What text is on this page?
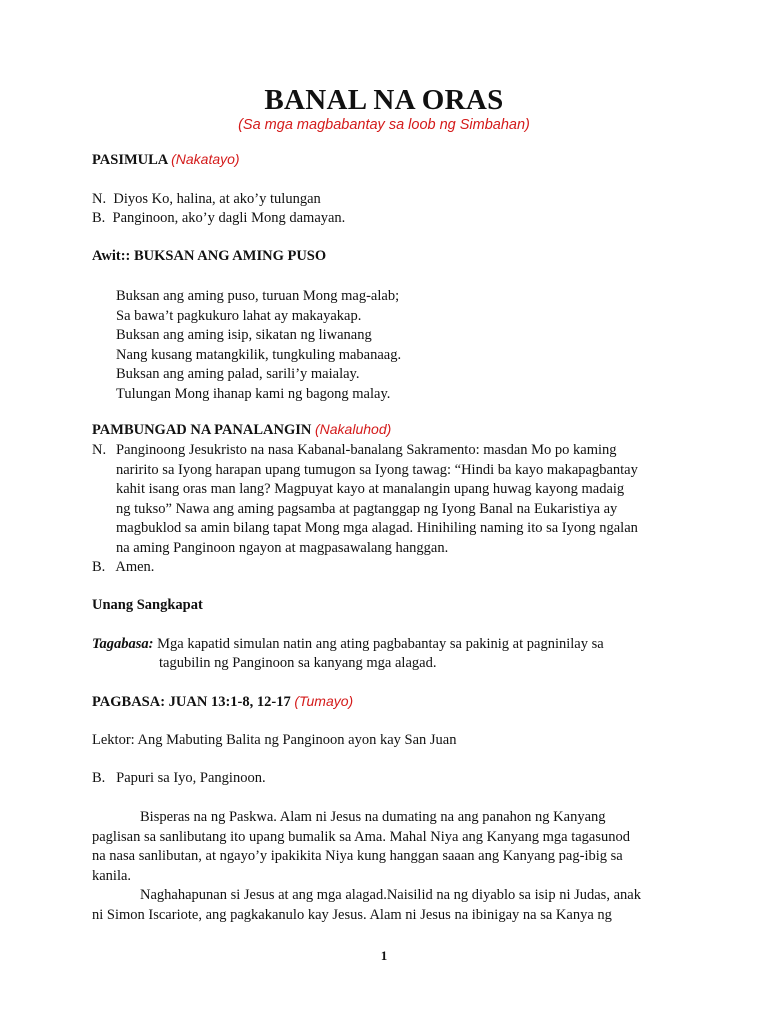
BANAL NA ORAS
(Sa mga magbabantay sa loob ng Simbahan)
PASIMULA (Nakatayo)
N. Diyos Ko, halina, at ako’y tulungan
B. Panginoon, ako’y dagli Mong damayan.
Awit:: BUKSAN ANG AMING PUSO
Buksan ang aming puso, turuan Mong mag-alab;
Sa bawa’t pagkukuro lahat ay makayakap.
Buksan ang aming isip, sikatan ng liwanang
Nang kusang matangkilik, tungkuling mabanaag.
Buksan ang aming palad, sarili’y maialay.
Tulungan Mong ihanap kami ng bagong malay.
PAMBUNGAD NA PANALANGIN (Nakaluhod)
N. Panginoong Jesukristo na nasa Kabanal-banalang Sakramento: masdan Mo po kaming
naririto sa Iyong harapan upang tumugon sa Iyong tawag: “Hindi ba kayo makapagbantay
kahit isang oras man lang? Magpuyat kayo at manalangin upang huwag kayong madaig
ng tukso” Nawa ang aming pagsamba at pagtanggap ng Iyong Banal na Eukaristiya ay
magbuklod sa amin bilang tapat Mong mga alagad. Hinihiling naming ito sa Iyong ngalan
na aming Panginoon ngayon at magpasawalang hanggan.
B. Amen.
Unang Sangkapat
Tagabasa: Mga kapatid simulan natin ang ating pagbabantay sa pakinig at pagninilay sa
tagubilin ng Panginoon sa kanyang mga alagad.
PAGBASA: JUAN 13:1-8, 12-17 (Tumayo)
Lektor: Ang Mabuting Balita ng Panginoon ayon kay San Juan
B. Papuri sa Iyo, Panginoon.
Bisperas na ng Paskwa. Alam ni Jesus na dumating na ang panahon ng Kanyang
paglisan sa sanlibutang ito upang bumalik sa Ama. Mahal Niya ang Kanyang mga tagasunod
na nasa sanlibutan, at ngayo’y ipakikita Niya kung hanggan saaan ang Kanyang pag-ibig sa
kanila.
Naghahapunan si Jesus at ang mga alagad.Naisilid na ng diyablo sa isip ni Judas, anak
ni Simon Iscariote, ang pagkakanulo kay Jesus. Alam ni Jesus na ibinigay na sa Kanya ng
1
